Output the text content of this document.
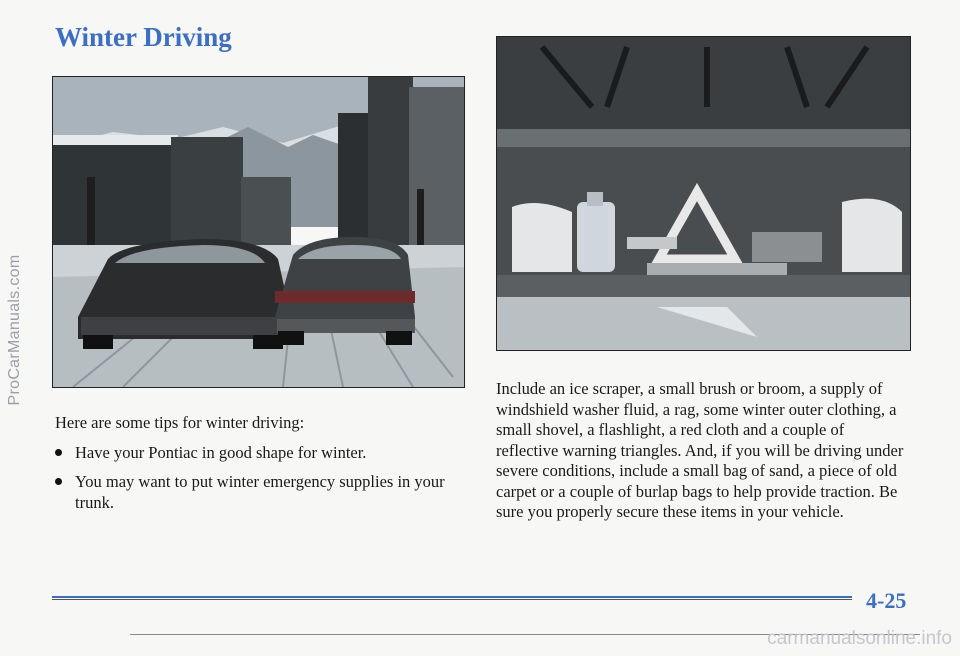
ProCarManuals.com
Winter Driving

Here are some tips for winter driving:

Have your Pontiac in good shape for winter.
You may want to put winter emergency supplies in your trunk.

Include an ice scraper, a small brush or broom, a supply of windshield washer fluid, a rag, some winter outer clothing, a small shovel, a flashlight, a red cloth and a couple of reflective warning triangles. And, if you will be driving under severe conditions, include a small bag of sand, a piece of old carpet or a couple of burlap bags to help provide traction. Be sure you properly secure these items in your vehicle.

4-25
carmanualsonline.info
